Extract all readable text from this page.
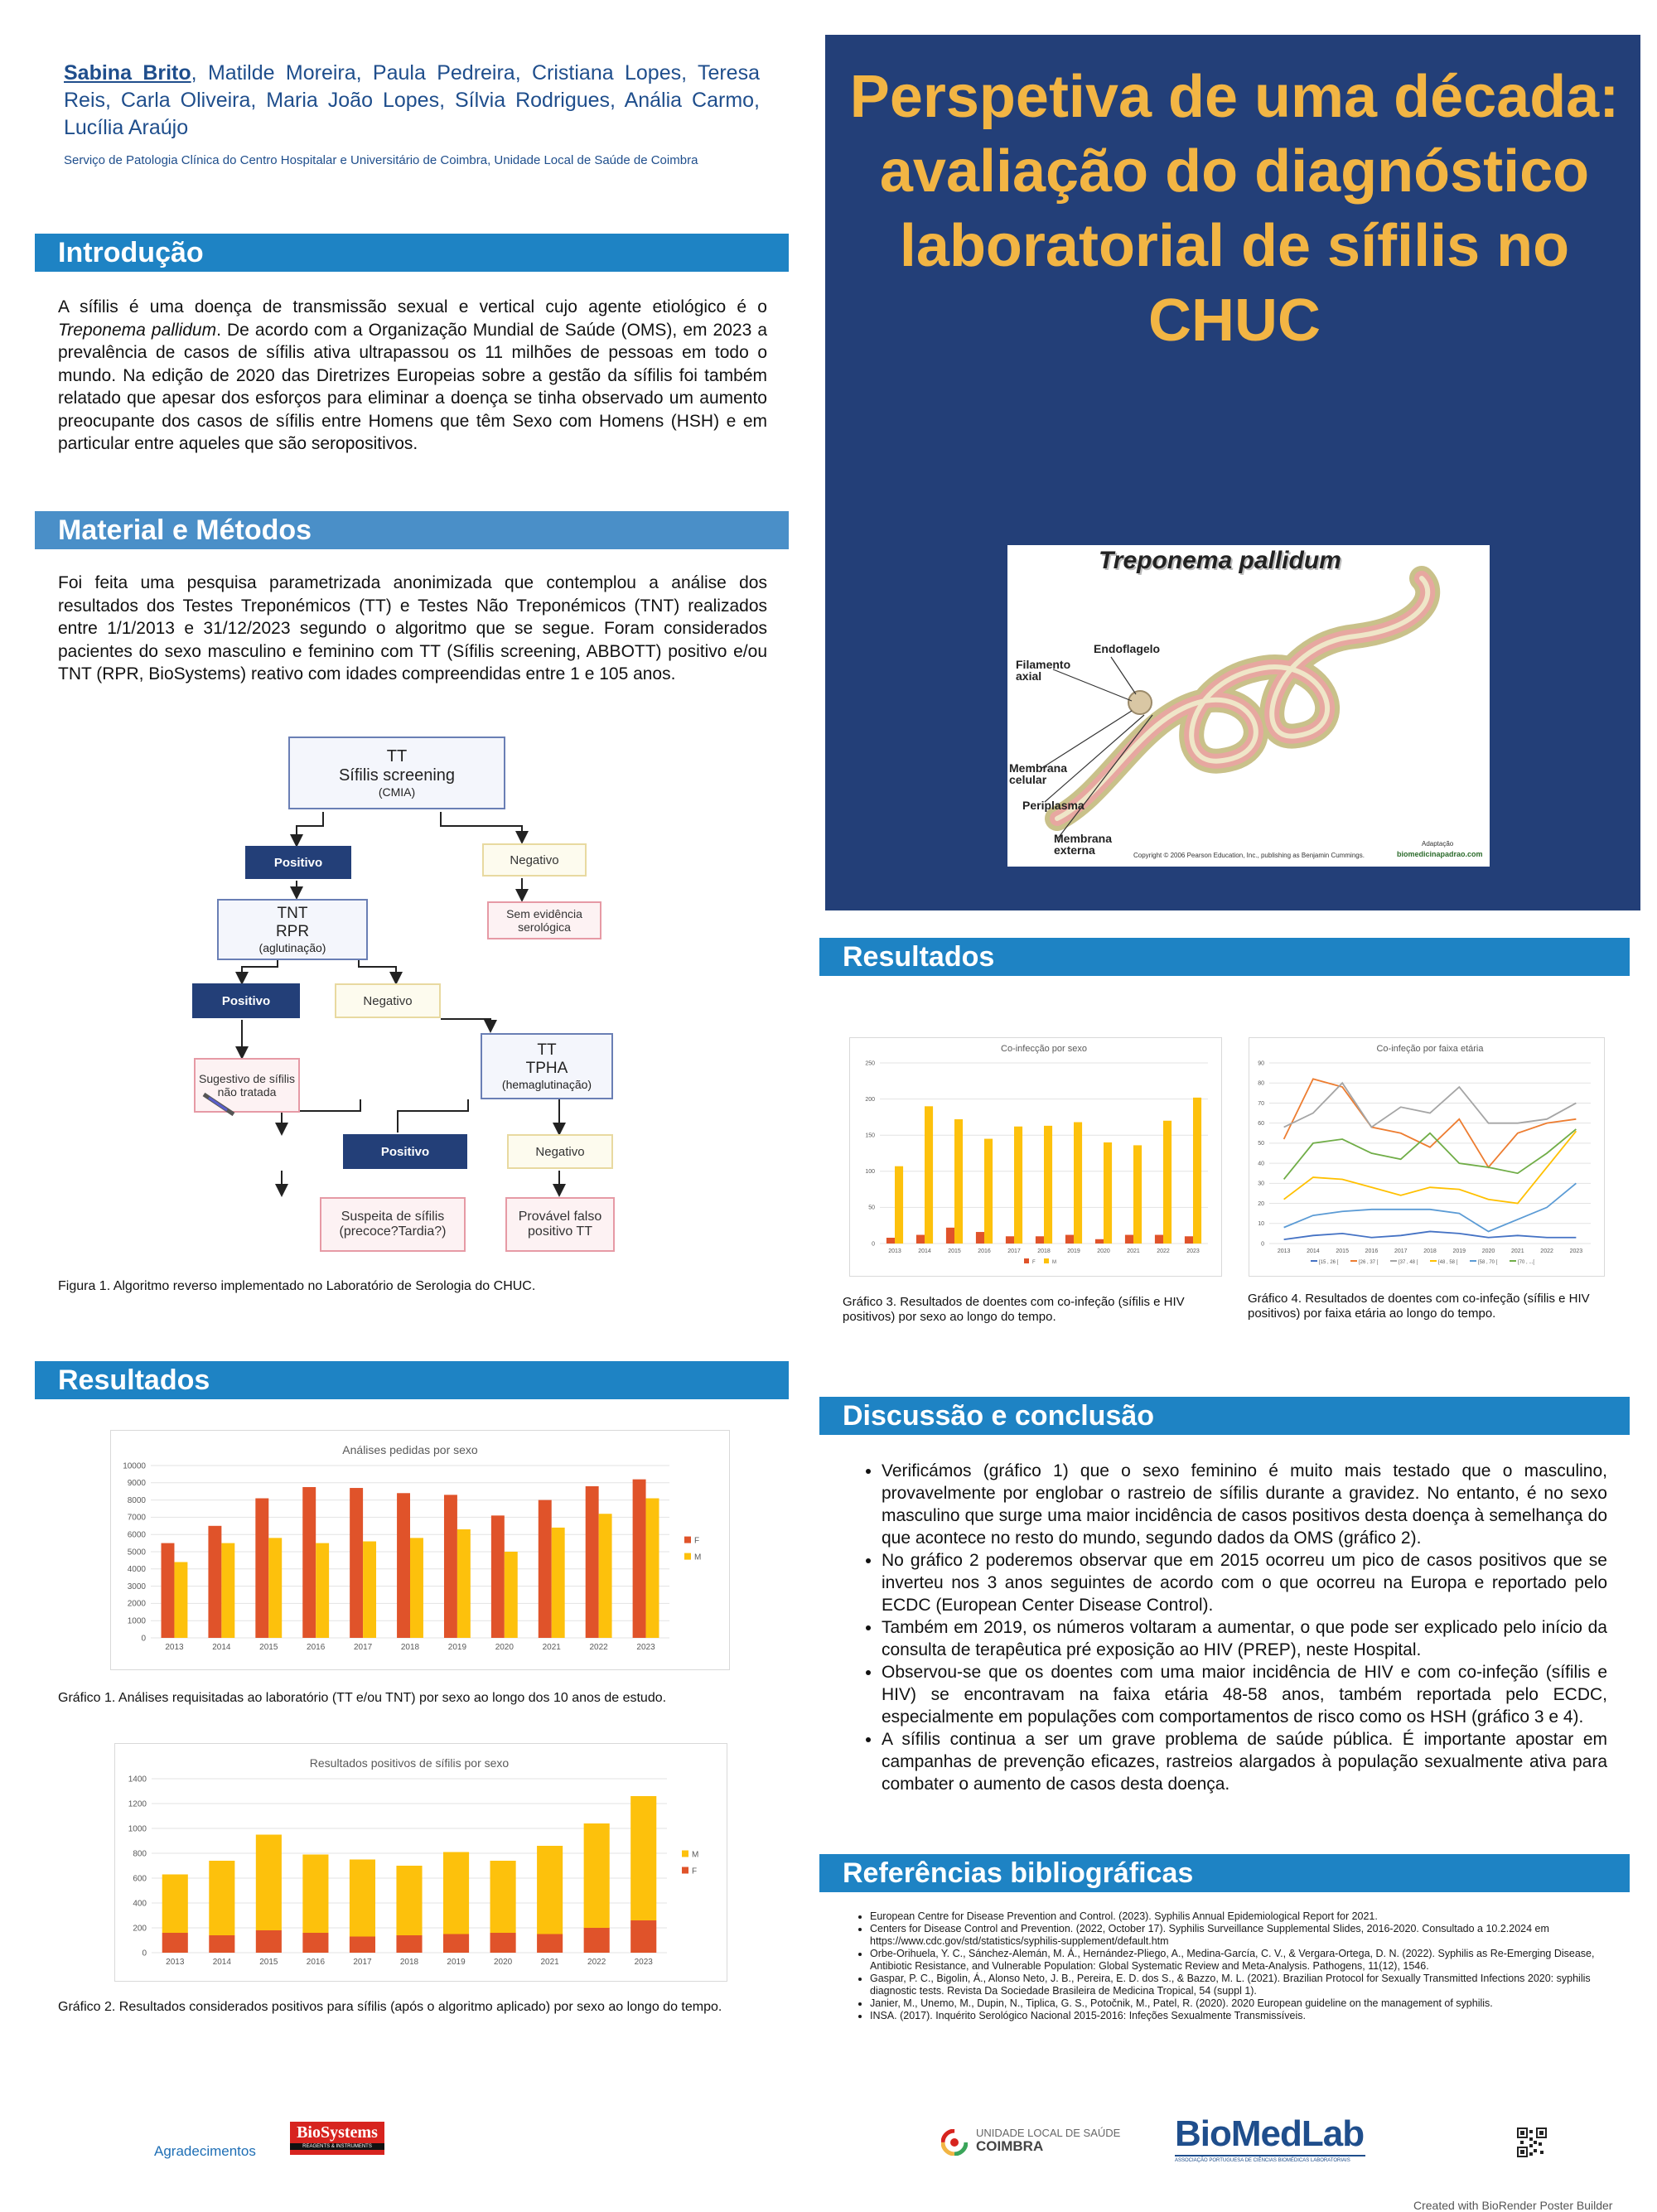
Sabina Brito, Matilde Moreira, Paula Pedreira, Cristiana Lopes, Teresa Reis, Carla Oliveira, Maria João Lopes, Sílvia Rodrigues, Anália Carmo, Lucília Araújo
Serviço de Patologia Clínica do Centro Hospitalar e Universitário de Coimbra, Unidade Local de Saúde de Coimbra
Perspetiva de uma década: avaliação do diagnóstico laboratorial de sífilis no CHUC
Treponema pallidum
Endoflagelo
Filamento axial
Membrana celular
Periplasma
Membrana externa	Copyright © 2006 Pearson Education, Inc., publishing as Benjamin Cummings.
Adaptação
biomedicinapadrao.com
Introdução
A sífilis é uma doença de transmissão sexual e vertical cujo agente etiológico é o Treponema pallidum. De acordo com a Organização Mundial de Saúde (OMS), em 2023 a prevalência de casos de sífilis ativa ultrapassou os 11 milhões de pessoas em todo o mundo. Na edição de 2020 das Diretrizes Europeias sobre a gestão da sífilis foi também relatado que apesar dos esforços para eliminar a doença se tinha observado um aumento preocupante dos casos de sífilis entre Homens que têm Sexo com Homens (HSH) e em particular entre aqueles que são seropositivos.
Material e Métodos
Foi feita uma pesquisa parametrizada anonimizada que contemplou a análise dos resultados dos Testes Treponémicos (TT) e Testes Não Treponémicos (TNT) realizados entre 1/1/2013 e 31/12/2023 segundo o algoritmo que se segue. Foram considerados pacientes do sexo masculino e feminino com TT (Sífilis screening, ABBOTT) positivo e/ou TNT (RPR, BioSystems) reativo com idades compreendidas entre 1 e 105 anos.
TT
Sífilis screening
(CMIA)
Positivo	Negativo
Sem evidência serológica
TNT
RPR
(aglutinação)
Positivo	Negativo
Sugestivo de sífilis não tratada
TT
TPHA
(hemaglutinação)
Positivo	Negativo
Suspeita de sífilis (precoce?Tardia?)
Provável falso positivo TT
Figura 1. Algoritmo reverso implementado no Laboratório de Serologia do CHUC.
Resultados
0
1000
2000
3000
4000
5000
6000
7000
8000
9000
10000
2013	2014	2015	2016	2017	2018	2019	2020	2021	2022	2023
Análises pedidas por sexo
F
M
Gráfico 1. Análises requisitadas ao laboratório (TT e/ou TNT) por sexo ao longo dos 10 anos de estudo.
0
200
400
600
800
1000
1200
1400
2013	2014	2015	2016	2017	2018	2019	2020	2021	2022	2023
Resultados positivos de sífilis por sexo
M
F
Gráfico 2. Resultados considerados positivos para sífilis (após o algoritmo aplicado) por sexo ao longo do tempo.
Resultados
0
50
100
150
200
250
2013	2014	2015	2016	2017	2018	2019	2020	2021	2022	2023
Co-infecção por sexo
F	M
Gráfico 3. Resultados de doentes com co-infeção (sífilis e HIV positivos) por sexo ao longo do tempo.
0
10
20
30
40
50
60
70
80
90
2013	2014	2015	2016	2017	2018	2019	2020	2021	2022	2023
Co-infeção por faixa etária
[15 , 26 [	[26 , 37 [	[37 , 48 [	[48 , 58 [	[58 , 70 [	[70 , ...[
Gráfico 4. Resultados de doentes com co-infeção (sífilis e HIV positivos) por faixa etária ao longo do tempo.
Discussão e conclusão
• Verificámos (gráfico 1) que o sexo feminino é muito mais testado que o masculino, provavelmente por englobar o rastreio de sífilis durante a gravidez. No entanto, é no sexo masculino que surge uma maior incidência de casos positivos desta doença à semelhança do que acontece no resto do mundo, segundo dados da OMS (gráfico 2).
• No gráfico 2 poderemos observar que em 2015 ocorreu um pico de casos positivos que se inverteu nos 3 anos seguintes de acordo com o que ocorreu na Europa e reportado pelo ECDC (European Center Disease Control).
• Também em 2019, os números voltaram a aumentar, o que pode ser explicado pelo início da consulta de terapêutica pré exposição ao HIV (PREP), neste Hospital.
• Observou-se que os doentes com uma maior incidência de HIV e com co-infeção (sífilis e HIV) se encontravam na faixa etária 48-58 anos, também reportada pelo ECDC, especialmente em populações com comportamentos de risco como os HSH (gráfico 3 e 4).
• A sífilis continua a ser um grave problema de saúde pública. É importante apostar em campanhas de prevenção eficazes, rastreios alargados à população sexualmente ativa para combater o aumento de casos desta doença.
Referências bibliográficas
• European Centre for Disease Prevention and Control. (2023). Syphilis Annual Epidemiological Report for 2021.
• Centers for Disease Control and Prevention. (2022, October 17). Syphilis Surveillance Supplemental Slides, 2016-2020. Consultado a 10.2.2024 em https://www.cdc.gov/std/statistics/syphilis-supplement/default.htm
• Orbe-Orihuela, Y. C., Sánchez-Alemán, M. Á., Hernández-Pliego, A., Medina-García, C. V., & Vergara-Ortega, D. N. (2022). Syphilis as Re-Emerging Disease, Antibiotic Resistance, and Vulnerable Population: Global Systematic Review and Meta-Analysis. Pathogens, 11(12), 1546.
• Gaspar, P. C., Bigolin, Á., Alonso Neto, J. B., Pereira, E. D. dos S., & Bazzo, M. L. (2021). Brazilian Protocol for Sexually Transmitted Infections 2020: syphilis diagnostic tests. Revista Da Sociedade Brasileira de Medicina Tropical, 54 (suppl 1).
• Janier, M., Unemo, M., Dupin, N., Tiplica, G. S., Potočnik, M., Patel, R. (2020). 2020 European guideline on the management of syphilis.
• INSA. (2017). Inquérito Serológico Nacional 2015-2016: Infeções Sexualmente Transmissíveis.
Agradecimentos
BioSystems
REAGENTS & INSTRUMENTS
UNIDADE LOCAL DE SAÚDE
COIMBRA	BioMedLab
ASSOCIAÇÃO PORTUGUESA DE CIÊNCIAS BIOMÉDICAS LABORATORIAIS
Created with BioRender Poster Builder
